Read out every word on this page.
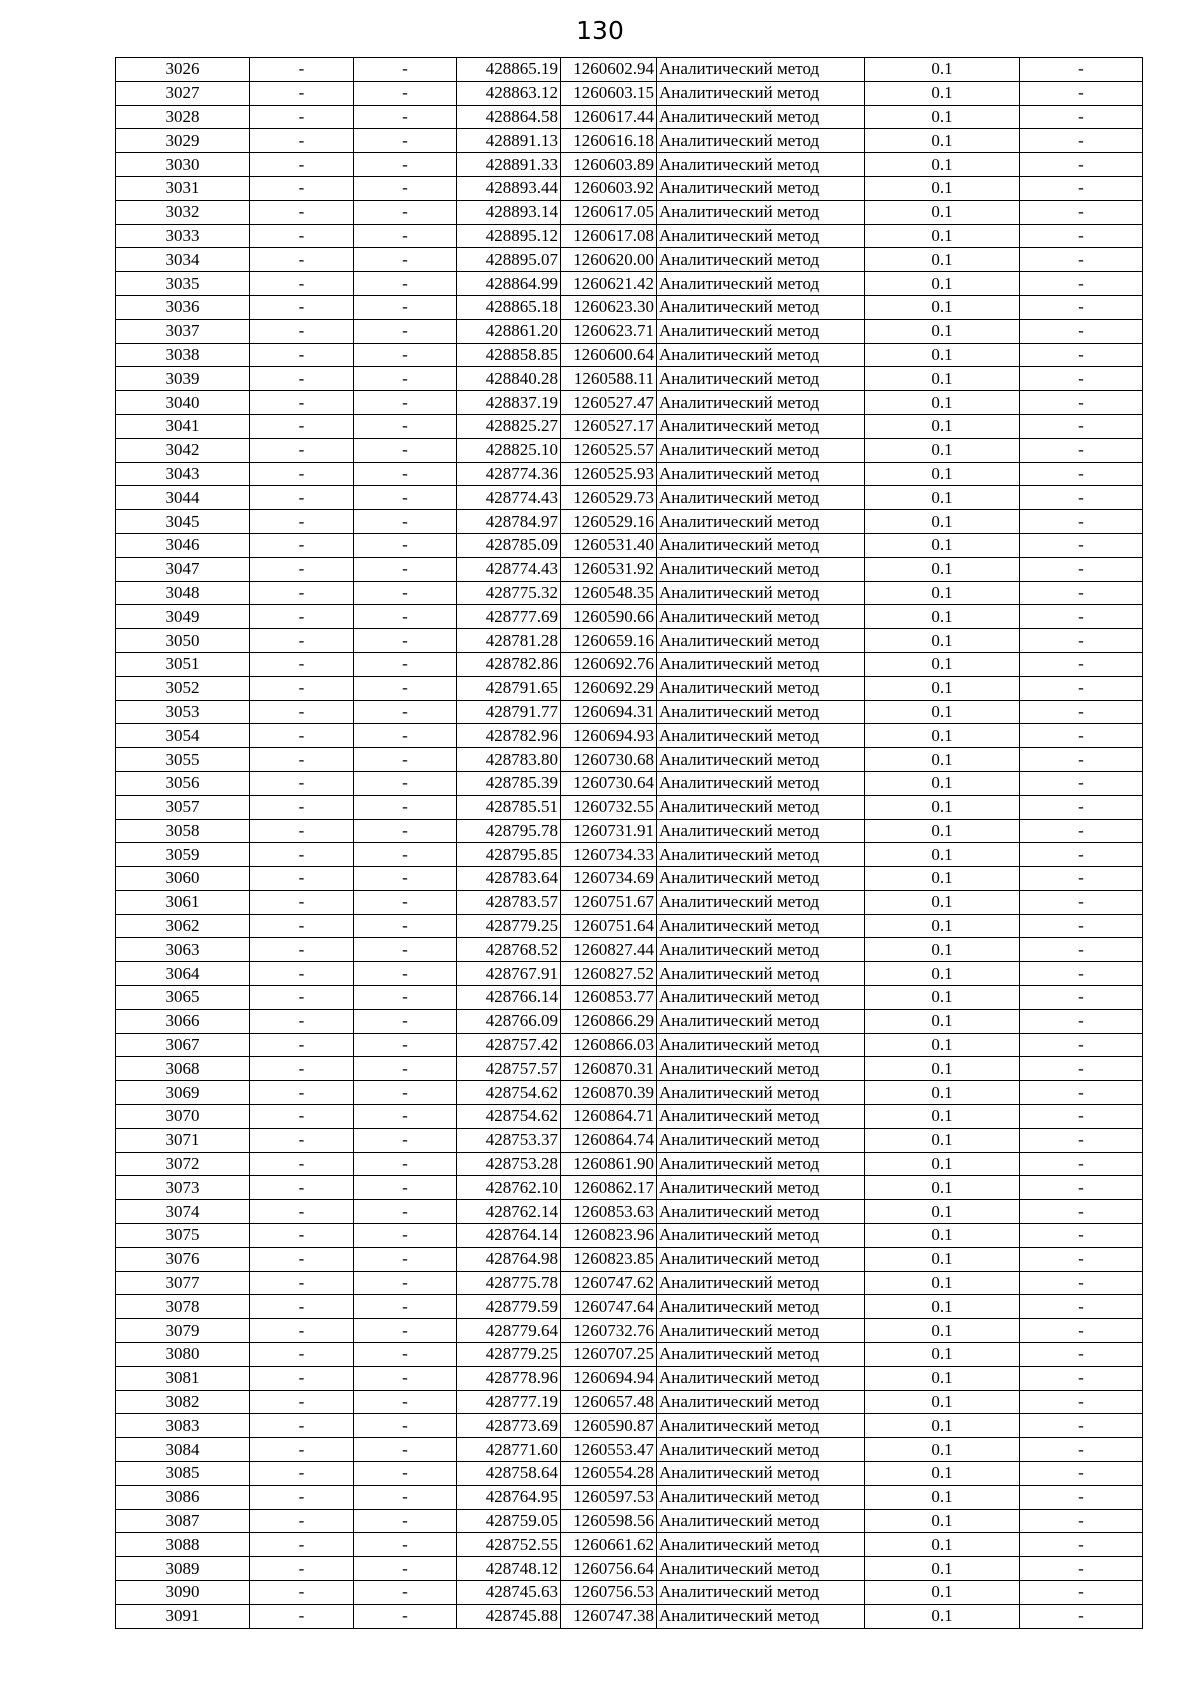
130
3026	-	-	428865.19	1260602.94	Аналитический метод	0.1	-
3027	-	-	428863.12	1260603.15	Аналитический метод	0.1	-
3028	-	-	428864.58	1260617.44	Аналитический метод	0.1	-
3029	-	-	428891.13	1260616.18	Аналитический метод	0.1	-
3030	-	-	428891.33	1260603.89	Аналитический метод	0.1	-
3031	-	-	428893.44	1260603.92	Аналитический метод	0.1	-
3032	-	-	428893.14	1260617.05	Аналитический метод	0.1	-
3033	-	-	428895.12	1260617.08	Аналитический метод	0.1	-
3034	-	-	428895.07	1260620.00	Аналитический метод	0.1	-
3035	-	-	428864.99	1260621.42	Аналитический метод	0.1	-
3036	-	-	428865.18	1260623.30	Аналитический метод	0.1	-
3037	-	-	428861.20	1260623.71	Аналитический метод	0.1	-
3038	-	-	428858.85	1260600.64	Аналитический метод	0.1	-
3039	-	-	428840.28	1260588.11	Аналитический метод	0.1	-
3040	-	-	428837.19	1260527.47	Аналитический метод	0.1	-
3041	-	-	428825.27	1260527.17	Аналитический метод	0.1	-
3042	-	-	428825.10	1260525.57	Аналитический метод	0.1	-
3043	-	-	428774.36	1260525.93	Аналитический метод	0.1	-
3044	-	-	428774.43	1260529.73	Аналитический метод	0.1	-
3045	-	-	428784.97	1260529.16	Аналитический метод	0.1	-
3046	-	-	428785.09	1260531.40	Аналитический метод	0.1	-
3047	-	-	428774.43	1260531.92	Аналитический метод	0.1	-
3048	-	-	428775.32	1260548.35	Аналитический метод	0.1	-
3049	-	-	428777.69	1260590.66	Аналитический метод	0.1	-
3050	-	-	428781.28	1260659.16	Аналитический метод	0.1	-
3051	-	-	428782.86	1260692.76	Аналитический метод	0.1	-
3052	-	-	428791.65	1260692.29	Аналитический метод	0.1	-
3053	-	-	428791.77	1260694.31	Аналитический метод	0.1	-
3054	-	-	428782.96	1260694.93	Аналитический метод	0.1	-
3055	-	-	428783.80	1260730.68	Аналитический метод	0.1	-
3056	-	-	428785.39	1260730.64	Аналитический метод	0.1	-
3057	-	-	428785.51	1260732.55	Аналитический метод	0.1	-
3058	-	-	428795.78	1260731.91	Аналитический метод	0.1	-
3059	-	-	428795.85	1260734.33	Аналитический метод	0.1	-
3060	-	-	428783.64	1260734.69	Аналитический метод	0.1	-
3061	-	-	428783.57	1260751.67	Аналитический метод	0.1	-
3062	-	-	428779.25	1260751.64	Аналитический метод	0.1	-
3063	-	-	428768.52	1260827.44	Аналитический метод	0.1	-
3064	-	-	428767.91	1260827.52	Аналитический метод	0.1	-
3065	-	-	428766.14	1260853.77	Аналитический метод	0.1	-
3066	-	-	428766.09	1260866.29	Аналитический метод	0.1	-
3067	-	-	428757.42	1260866.03	Аналитический метод	0.1	-
3068	-	-	428757.57	1260870.31	Аналитический метод	0.1	-
3069	-	-	428754.62	1260870.39	Аналитический метод	0.1	-
3070	-	-	428754.62	1260864.71	Аналитический метод	0.1	-
3071	-	-	428753.37	1260864.74	Аналитический метод	0.1	-
3072	-	-	428753.28	1260861.90	Аналитический метод	0.1	-
3073	-	-	428762.10	1260862.17	Аналитический метод	0.1	-
3074	-	-	428762.14	1260853.63	Аналитический метод	0.1	-
3075	-	-	428764.14	1260823.96	Аналитический метод	0.1	-
3076	-	-	428764.98	1260823.85	Аналитический метод	0.1	-
3077	-	-	428775.78	1260747.62	Аналитический метод	0.1	-
3078	-	-	428779.59	1260747.64	Аналитический метод	0.1	-
3079	-	-	428779.64	1260732.76	Аналитический метод	0.1	-
3080	-	-	428779.25	1260707.25	Аналитический метод	0.1	-
3081	-	-	428778.96	1260694.94	Аналитический метод	0.1	-
3082	-	-	428777.19	1260657.48	Аналитический метод	0.1	-
3083	-	-	428773.69	1260590.87	Аналитический метод	0.1	-
3084	-	-	428771.60	1260553.47	Аналитический метод	0.1	-
3085	-	-	428758.64	1260554.28	Аналитический метод	0.1	-
3086	-	-	428764.95	1260597.53	Аналитический метод	0.1	-
3087	-	-	428759.05	1260598.56	Аналитический метод	0.1	-
3088	-	-	428752.55	1260661.62	Аналитический метод	0.1	-
3089	-	-	428748.12	1260756.64	Аналитический метод	0.1	-
3090	-	-	428745.63	1260756.53	Аналитический метод	0.1	-
3091	-	-	428745.88	1260747.38	Аналитический метод	0.1	-
